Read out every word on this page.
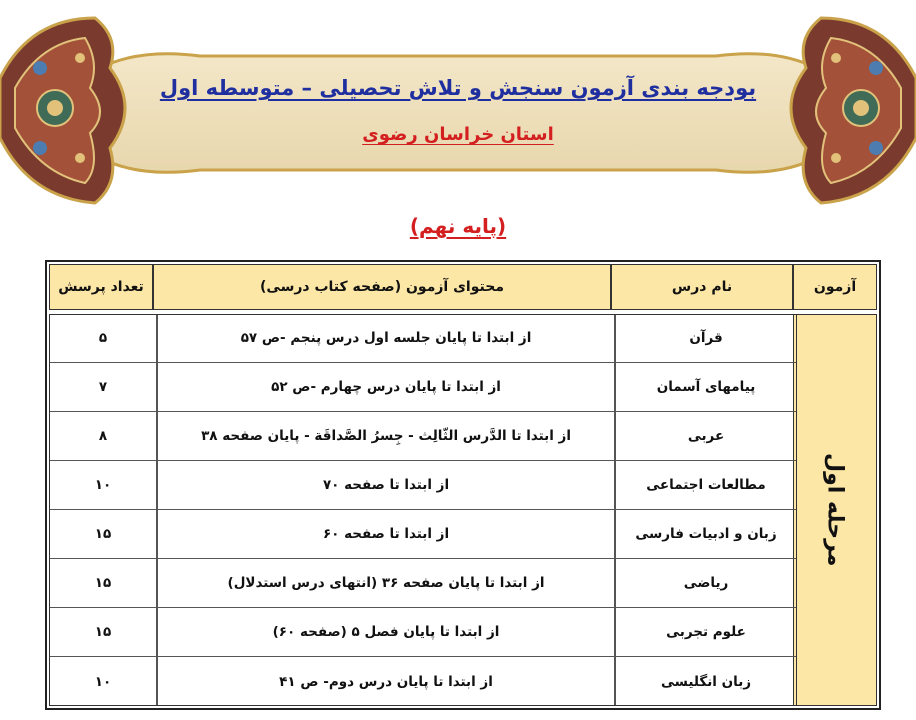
بودجه بندی آزمون سنجش و تلاش تحصیلی – متوسطه اول
استان خراسان رضوی
(پایه نهم)
آزمون
نام درس
محتوای آزمون (صفحه کتاب درسی)
تعداد پرسش
مرحله اول
قرآن
از ابتدا تا پایان جلسه اول درس پنجم -ص ۵۷
۵
پیامهای آسمان
از ابتدا تا پایان درس چهارم -ص ۵۲
۷
عربی
از ابتدا تا الدَّرس الثّالِث - جِسرُ الصَّداقَة - پایان صفحه ۳۸
۸
مطالعات اجتماعی
از ابتدا تا صفحه ۷۰
۱۰
زبان و ادبیات فارسی
از ابتدا تا صفحه ۶۰
۱۵
ریاضی
از ابتدا تا پایان صفحه ۳۶ (انتهای درس استدلال)
۱۵
علوم تجربی
از ابتدا تا پایان فصل ۵ (صفحه ۶۰)
۱۵
زبان انگلیسی
از ابتدا تا پایان درس دوم- ص ۴۱
۱۰
